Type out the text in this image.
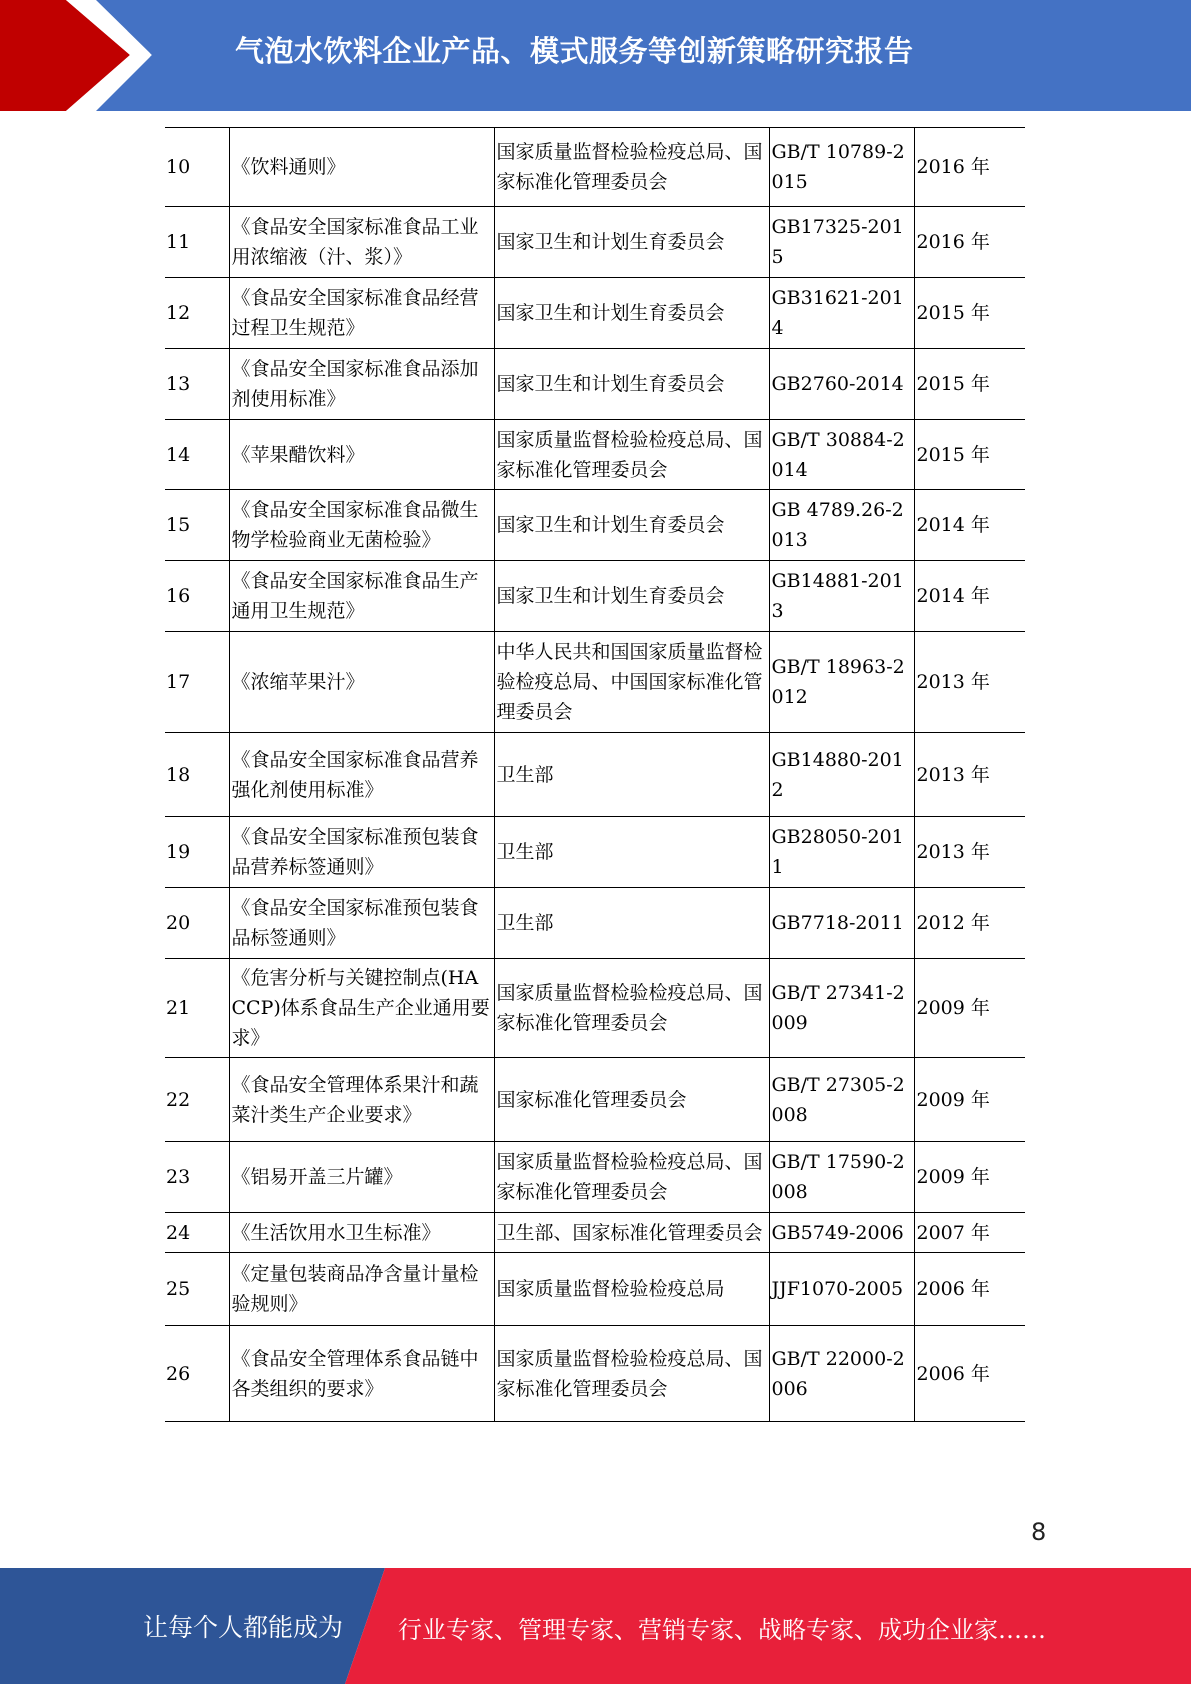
气泡水饮料企业产品、模式服务等创新策略研究报告
10	《饮料通则》	国家质量监督检验检疫总局、国家标准化管理委员会	GB/T 10789-2015	2016 年
11	《食品安全国家标准食品工业用浓缩液（汁、浆）》	国家卫生和计划生育委员会	GB17325-2015	2016 年
12	《食品安全国家标准食品经营过程卫生规范》	国家卫生和计划生育委员会	GB31621-2014	2015 年
13	《食品安全国家标准食品添加剂使用标准》	国家卫生和计划生育委员会	GB2760-2014	2015 年
14	《苹果醋饮料》	国家质量监督检验检疫总局、国家标准化管理委员会	GB/T 30884-2014	2015 年
15	《食品安全国家标准食品微生物学检验商业无菌检验》	国家卫生和计划生育委员会	GB 4789.26-2013	2014 年
16	《食品安全国家标准食品生产通用卫生规范》	国家卫生和计划生育委员会	GB14881-2013	2014 年
17	《浓缩苹果汁》	中华人民共和国国家质量监督检验检疫总局、中国国家标准化管理委员会	GB/T 18963-2012	2013 年
18	《食品安全国家标准食品营养强化剂使用标准》	卫生部	GB14880-2012	2013 年
19	《食品安全国家标准预包装食品营养标签通则》	卫生部	GB28050-2011	2013 年
20	《食品安全国家标准预包装食品标签通则》	卫生部	GB7718-2011	2012 年
21	《危害分析与关键控制点(HACCP)体系食品生产企业通用要求》	国家质量监督检验检疫总局、国家标准化管理委员会	GB/T 27341-2009	2009 年
22	《食品安全管理体系果汁和蔬菜汁类生产企业要求》	国家标准化管理委员会	GB/T 27305-2008	2009 年
23	《铝易开盖三片罐》	国家质量监督检验检疫总局、国家标准化管理委员会	GB/T 17590-2008	2009 年
24	《生活饮用水卫生标准》	卫生部、国家标准化管理委员会	GB5749-2006	2007 年
25	《定量包装商品净含量计量检验规则》	国家质量监督检验检疫总局	JJF1070-2005	2006 年
26	《食品安全管理体系食品链中各类组织的要求》	国家质量监督检验检疫总局、国家标准化管理委员会	GB/T 22000-2006	2006 年
8
让每个人都能成为 行业专家、管理专家、营销专家、战略专家、成功企业家……
